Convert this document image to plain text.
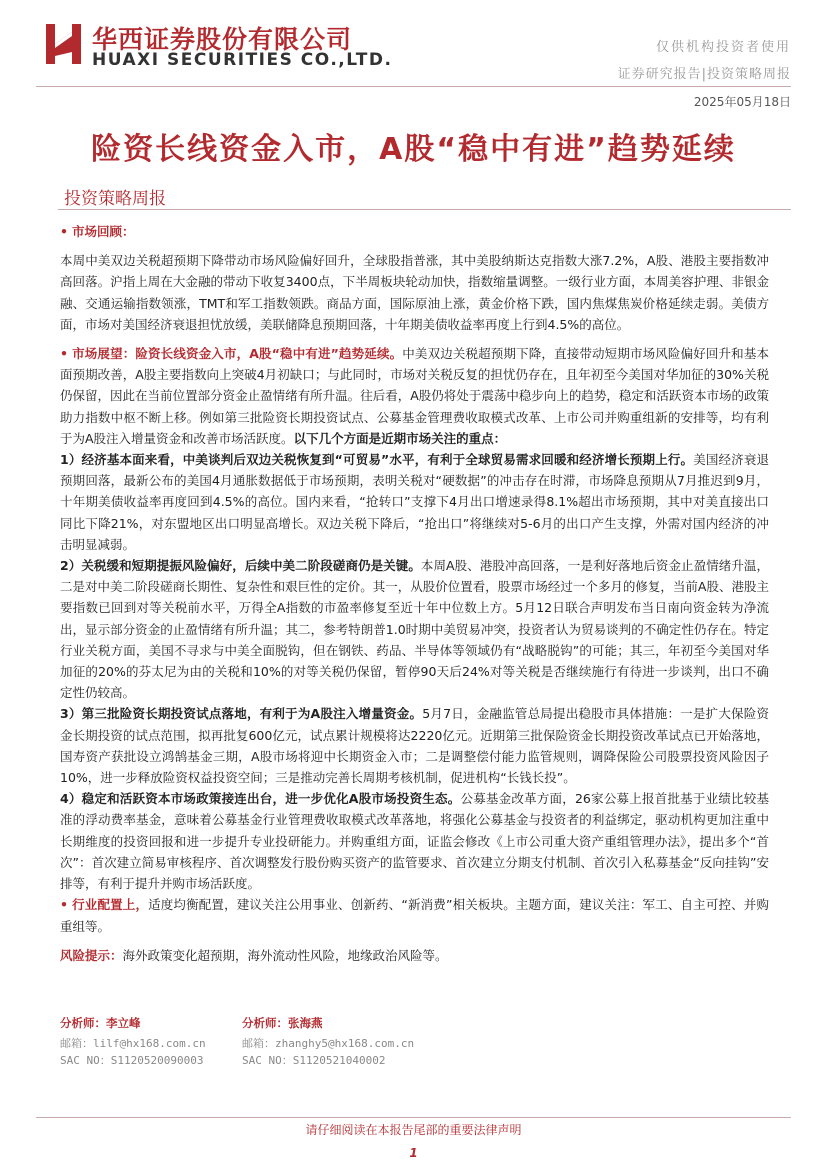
华西证券股份有限公司
HUAXI SECURITIES CO.,LTD.
仅供机构投资者使用
证券研究报告|投资策略周报
2025年05月18日
险资长线资金入市，A股“稳中有进”趋势延续
投资策略周报

• 市场回顾：

本周中美双边关税超预期下降带动市场风险偏好回升，全球股指普涨，其中美股纳斯达克指数大涨7.2%，A股、港股主要指数冲高回落。沪指上周在大金融的带动下收复3400点，下半周板块轮动加快，指数缩量调整。一级行业方面，本周美容护理、非银金融、交通运输指数领涨，TMT和军工指数领跌。商品方面，国际原油上涨，黄金价格下跌，国内焦煤焦炭价格延续走弱。美债方面，市场对美国经济衰退担忧放缓，美联储降息预期回落，十年期美债收益率再度上行到4.5%的高位。

• 市场展望：险资长线资金入市，A股“稳中有进”趋势延续。中美双边关税超预期下降，直接带动短期市场风险偏好回升和基本面预期改善，A股主要指数向上突破4月初缺口；与此同时，市场对关税反复的担忧仍存在，且年初至今美国对华加征的30%关税仍保留，因此在当前位置部分资金止盈情绪有所升温。往后看，A股仍将处于震荡中稳步向上的趋势，稳定和活跃资本市场的政策助力指数中枢不断上移。例如第三批险资长期投资试点、公募基金管理费收取模式改革、上市公司并购重组新的安排等，均有利于为A股注入增量资金和改善市场活跃度。以下几个方面是近期市场关注的重点：

1）经济基本面来看，中美谈判后双边关税恢复到“可贸易”水平，有利于全球贸易需求回暖和经济增长预期上行。美国经济衰退预期回落，最新公布的美国4月通胀数据低于市场预期，表明关税对“硬数据”的冲击存在时滞，市场降息预期从7月推迟到9月，十年期美债收益率再度回到4.5%的高位。国内来看，“抢转口”支撑下4月出口增速录得8.1%超出市场预期，其中对美直接出口同比下降21%，对东盟地区出口明显高增长。双边关税下降后，“抢出口”将继续对5-6月的出口产生支撑，外需对国内经济的冲击明显减弱。

2）关税缓和短期提振风险偏好，后续中美二阶段磋商仍是关键。本周A股、港股冲高回落，一是利好落地后资金止盈情绪升温，二是对中美二阶段磋商长期性、复杂性和艰巨性的定价。其一，从股价位置看，股票市场经过一个多月的修复，当前A股、港股主要指数已回到对等关税前水平，万得全A指数的市盈率修复至近十年中位数上方。5月12日联合声明发布当日南向资金转为净流出，显示部分资金的止盈情绪有所升温；其二，参考特朗普1.0时期中美贸易冲突，投资者认为贸易谈判的不确定性仍存在。特定行业关税方面，美国不寻求与中美全面脱钩，但在钢铁、药品、半导体等领域仍有“战略脱钩”的可能；其三，年初至今美国对华加征的20%的芬太尼为由的关税和10%的对等关税仍保留，暂停90天后24%对等关税是否继续施行有待进一步谈判，出口不确定性仍较高。

3）第三批险资长期投资试点落地，有利于为A股注入增量资金。5月7日，金融监管总局提出稳股市具体措施：一是扩大保险资金长期投资的试点范围，拟再批复600亿元，试点累计规模将达2220亿元。近期第三批保险资金长期投资改革试点已开始落地，国寿资产获批设立鸿鹄基金三期，A股市场将迎中长期资金入市；二是调整偿付能力监管规则，调降保险公司股票投资风险因子10%，进一步释放险资权益投资空间；三是推动完善长周期考核机制，促进机构“长钱长投”。

4）稳定和活跃资本市场政策接连出台，进一步优化A股市场投资生态。公募基金改革方面，26家公募上报首批基于业绩比较基准的浮动费率基金，意味着公募基金行业管理费收取模式改革落地，将强化公募基金与投资者的利益绑定，驱动机构更加注重中长期维度的投资回报和进一步提升专业投研能力。并购重组方面，证监会修改《上市公司重大资产重组管理办法》，提出多个“首次”：首次建立简易审核程序、首次调整发行股份购买资产的监管要求、首次建立分期支付机制、首次引入私募基金“反向挂钩”安排等，有利于提升并购市场活跃度。

• 行业配置上，适度均衡配置，建议关注公用事业、创新药、“新消费”相关板块。主题方面，建议关注：军工、自主可控、并购重组等。

风险提示：海外政策变化超预期，海外流动性风险，地缘政治风险等。

分析师：李立峰
邮箱：lilf@hx168.com.cn
SAC NO：S1120520090003
分析师：张海燕
邮箱：zhanghy5@hx168.com.cn
SAC NO：S1120521040002
请仔细阅读在本报告尾部的重要法律声明
1
